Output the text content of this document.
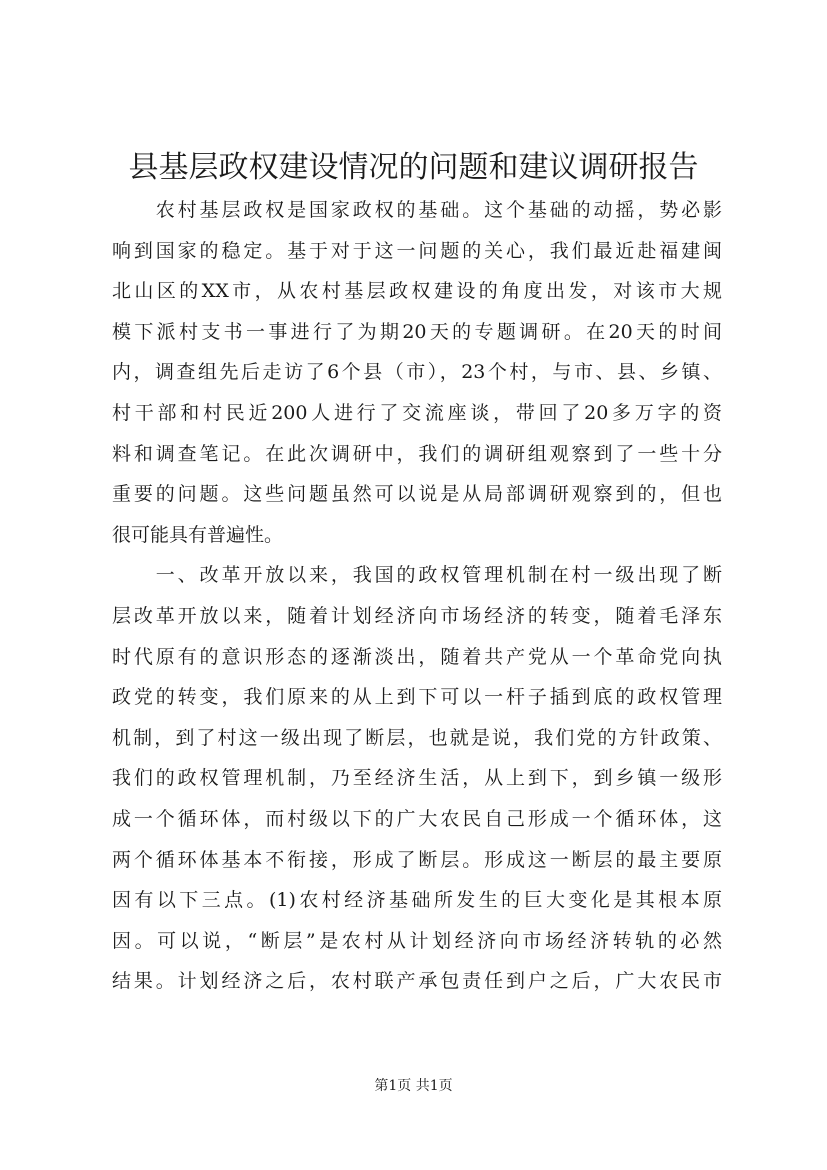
县基层政权建设情况的问题和建议调研报告
　　农村基层政权是国家政权的基础。这个基础的动摇，势必影
响到国家的稳定。基于对于这一问题的关心，我们最近赴福建闽
北山区的XX市，从农村基层政权建设的角度出发，对该市大规
模下派村支书一事进行了为期20天的专题调研。在20天的时间
内，调查组先后走访了6个县（市），23个村，与市、县、乡镇、
村干部和村民近200人进行了交流座谈，带回了20多万字的资
料和调查笔记。在此次调研中，我们的调研组观察到了一些十分
重要的问题。这些问题虽然可以说是从局部调研观察到的，但也
很可能具有普遍性。
　　一、改革开放以来，我国的政权管理机制在村一级出现了断
层改革开放以来，随着计划经济向市场经济的转变，随着毛泽东
时代原有的意识形态的逐渐淡出，随着共产党从一个革命党向执
政党的转变，我们原来的从上到下可以一杆子插到底的政权管理
机制，到了村这一级出现了断层，也就是说，我们党的方针政策、
我们的政权管理机制，乃至经济生活，从上到下，到乡镇一级形
成一个循环体，而村级以下的广大农民自己形成一个循环体，这
两个循环体基本不衔接，形成了断层。形成这一断层的最主要原
因有以下三点。(1)农村经济基础所发生的巨大变化是其根本原
因。可以说，“断层”是农村从计划经济向市场经济转轨的必然
结果。计划经济之后，农村联产承包责任到户之后，广大农民市
第1页 共1页
